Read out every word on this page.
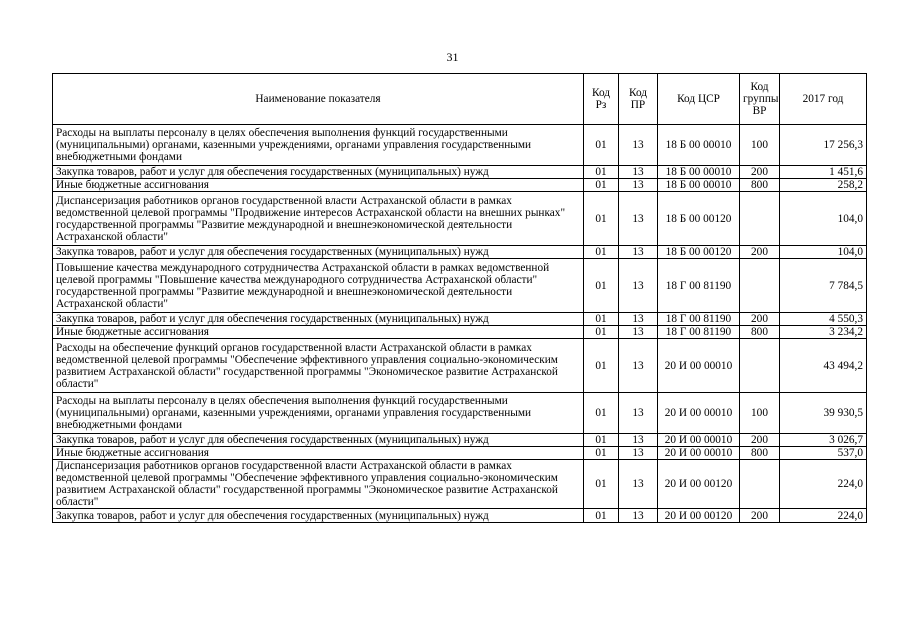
31
Наименование показателя	Код Рз	Код ПР	Код ЦСР	Код группы ВР	2017 год
Расходы на выплаты персоналу в целях обеспечения выполнения функций государственными (муниципальными) органами, казенными учреждениями, органами управления государственными внебюджетными фондами	01	13	18 Б 00 00010	100	17 256,3
Закупка товаров, работ и услуг для обеспечения государственных (муниципальных) нужд	01	13	18 Б 00 00010	200	1 451,6
Иные бюджетные ассигнования	01	13	18 Б 00 00010	800	258,2
Диспансеризация работников органов государственной власти Астраханской области в рамках ведомственной целевой программы "Продвижение интересов Астраханской области на внешних рынках" государственной программы "Развитие международной и внешнеэкономической деятельности Астраханской области"	01	13	18 Б 00 00120		104,0
Закупка товаров, работ и услуг для обеспечения государственных (муниципальных) нужд	01	13	18 Б 00 00120	200	104,0
Повышение качества международного сотрудничества Астраханской области в рамках ведомственной целевой программы "Повышение качества международного сотрудничества Астраханской области" государственной программы "Развитие международной и внешнеэкономической деятельности Астраханской области"	01	13	18 Г 00 81190		7 784,5
Закупка товаров, работ и услуг для обеспечения государственных (муниципальных) нужд	01	13	18 Г 00 81190	200	4 550,3
Иные бюджетные ассигнования	01	13	18 Г 00 81190	800	3 234,2
Расходы на обеспечение функций органов государственной власти Астраханской области в рамках ведомственной целевой программы "Обеспечение эффективного управления социально-экономическим развитием Астраханской области" государственной программы "Экономическое развитие Астраханской области"	01	13	20 И 00 00010		43 494,2
Расходы на выплаты персоналу в целях обеспечения выполнения функций государственными (муниципальными) органами, казенными учреждениями, органами управления государственными внебюджетными фондами	01	13	20 И 00 00010	100	39 930,5
Закупка товаров, работ и услуг для обеспечения государственных (муниципальных) нужд	01	13	20 И 00 00010	200	3 026,7
Иные бюджетные ассигнования	01	13	20 И 00 00010	800	537,0
Диспансеризация работников органов государственной власти Астраханской области в рамках ведомственной целевой программы "Обеспечение эффективного управления социально-экономическим развитием Астраханской области" государственной программы "Экономическое развитие Астраханской области"	01	13	20 И 00 00120		224,0
Закупка товаров, работ и услуг для обеспечения государственных (муниципальных) нужд	01	13	20 И 00 00120	200	224,0
